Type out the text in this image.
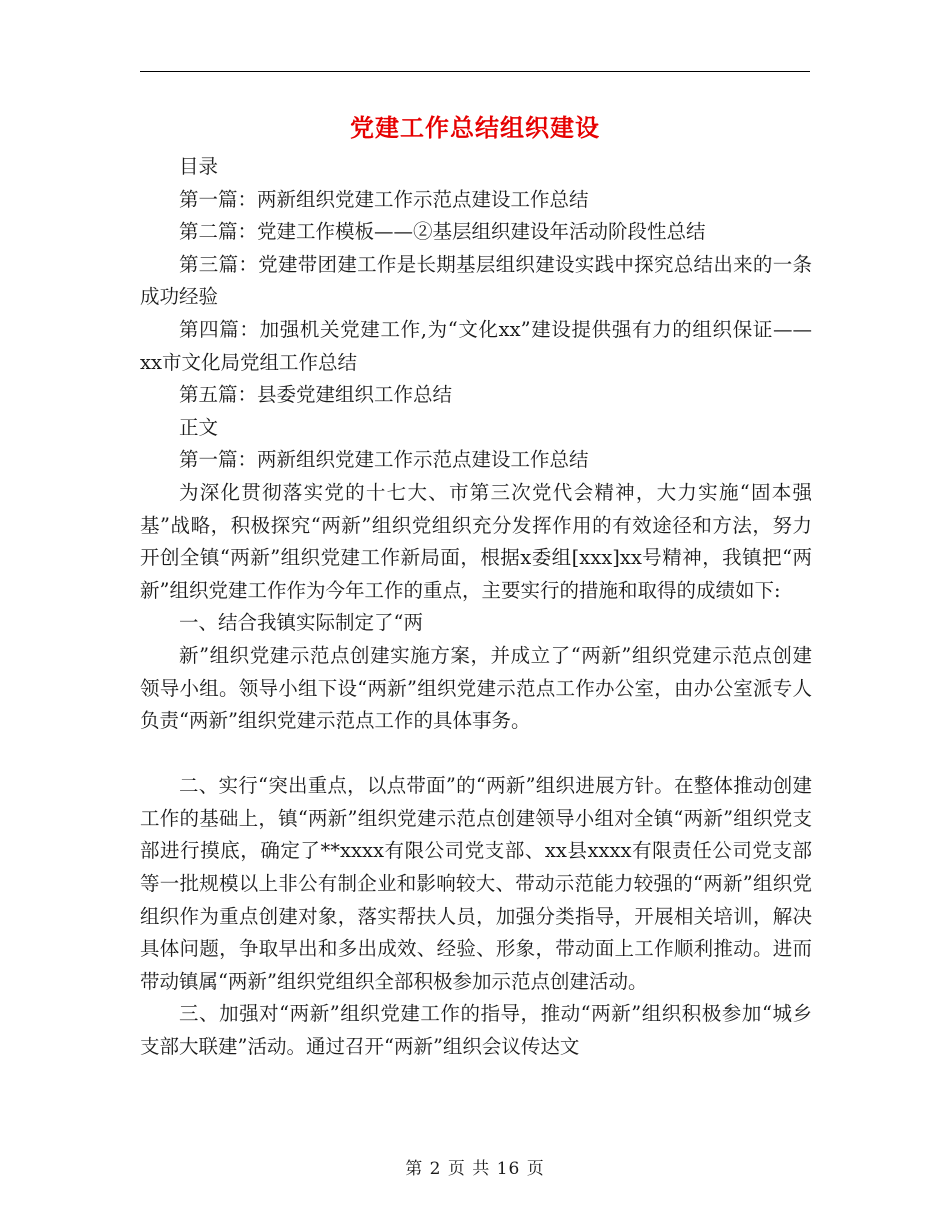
党建工作总结组织建设

目录

第一篇：两新组织党建工作示范点建设工作总结

第二篇：党建工作模板——②基层组织建设年活动阶段性总结

第三篇：党建带团建工作是长期基层组织建设实践中探究总结出来的一条成功经验

第四篇：加强机关党建工作,为“文化xx”建设提供强有力的组织保证——xx市文化局党组工作总结

第五篇：县委党建组织工作总结

正文

第一篇：两新组织党建工作示范点建设工作总结

为深化贯彻落实党的十七大、市第三次党代会精神，大力实施“固本强基”战略，积极探究“两新”组织党组织充分发挥作用的有效途径和方法，努力开创全镇“两新”组织党建工作新局面，根据x委组[xxx]xx号精神，我镇把“两新”组织党建工作作为今年工作的重点，主要实行的措施和取得的成绩如下:

一、结合我镇实际制定了“两

新”组织党建示范点创建实施方案，并成立了“两新”组织党建示范点创建领导小组。领导小组下设“两新”组织党建示范点工作办公室，由办公室派专人负责“两新”组织党建示范点工作的具体事务。

二、实行“突出重点，以点带面”的“两新”组织进展方针。在整体推动创建工作的基础上，镇“两新”组织党建示范点创建领导小组对全镇“两新”组织党支部进行摸底，确定了**xxxx有限公司党支部、xx县xxxx有限责任公司党支部等一批规模以上非公有制企业和影响较大、带动示范能力较强的“两新”组织党组织作为重点创建对象，落实帮扶人员，加强分类指导，开展相关培训，解决具体问题，争取早出和多出成效、经验、形象，带动面上工作顺利推动。进而带动镇属“两新”组织党组织全部积极参加示范点创建活动。

三、加强对“两新”组织党建工作的指导，推动“两新”组织积极参加“城乡支部大联建”活动。通过召开“两新”组织会议传达文

第 2 页 共 16 页
